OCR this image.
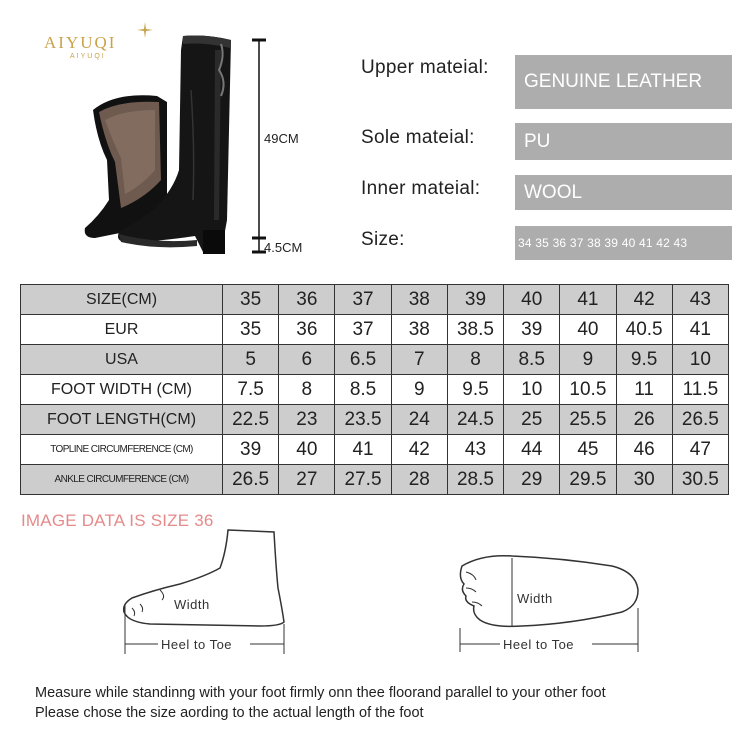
AIYUQI
AIYUQI
49CM
4.5CM
Upper mateial:
GENUINE LEATHER
Sole mateial:	PU
Inner mateial:	WOOL
Size:	34 35 36 37 38 39 40 41 42 43
SIZE(CM)	35	36	37	38	39	40	41	42	43
EUR	35	36	37	38	38.5	39	40	40.5	41
USA	5	6	6.5	7	8	8.5	9	9.5	10
FOOT WIDTH (CM)	7.5	8	8.5	9	9.5	10	10.5	11	11.5
FOOT LENGTH(CM)	22.5	23	23.5	24	24.5	25	25.5	26	26.5
TOPLINE CIRCUMFERENCE (CM)	39	40	41	42	43	44	45	46	47
ANKLE CIRCUMFERENCE (CM)	26.5	27	27.5	28	28.5	29	29.5	30	30.5
IMAGE DATA IS SIZE 36
Width
Heel to Toe
Width
Heel to Toe
Measure while standinng with your foot firmly onn thee floorand parallel to your other foot
Please chose the size aording to the actual length of the foot
